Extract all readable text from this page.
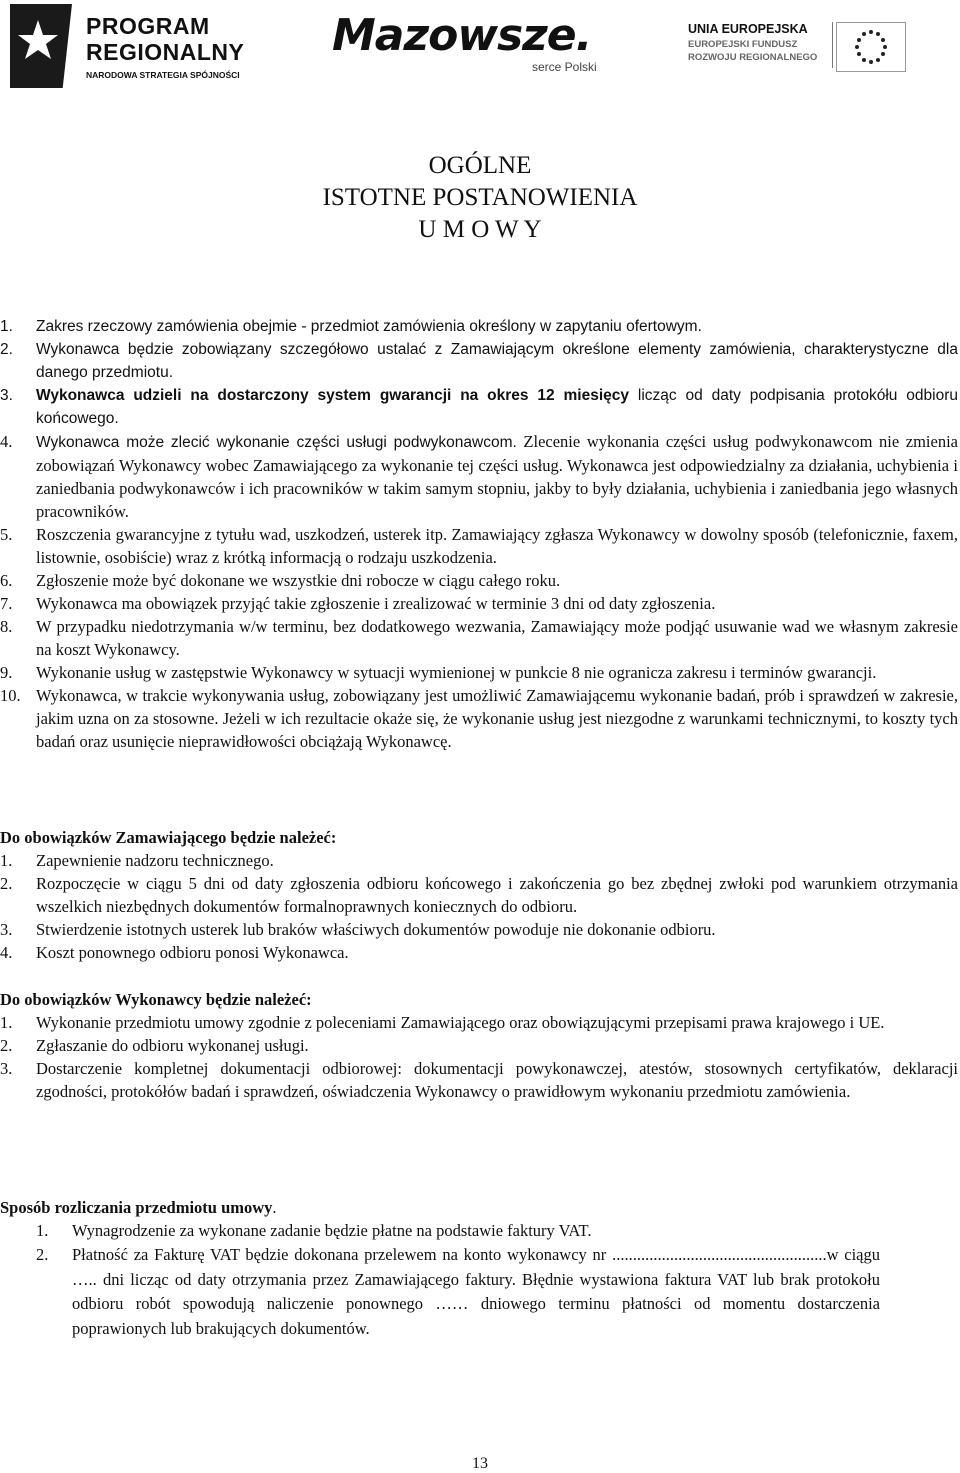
PROGRAM
REGIONALNY
NARODOWA STRATEGIA SPÓJNOŚCI
Mazowsze.
serce Polski
UNIA EUROPEJSKA
EUROPEJSKI FUNDUSZ
ROZWOJU REGIONALNEGO
OGÓLNE
ISTOTNE POSTANOWIENIA
U M O W Y
1. Zakres rzeczowy zamówienia obejmie - przedmiot zamówienia określony w zapytaniu ofertowym.
2. Wykonawca będzie zobowiązany szczegółowo ustalać z Zamawiającym określone elementy zamówienia, charakterystyczne dla danego przedmiotu.
3. Wykonawca udzieli na dostarczony system gwarancji na okres 12 miesięcy licząc od daty podpisania protokółu odbioru końcowego.
4. Wykonawca może zlecić wykonanie części usługi podwykonawcom. Zlecenie wykonania części usług podwykonawcom nie zmienia zobowiązań Wykonawcy wobec Zamawiającego za wykonanie tej części usług. Wykonawca jest odpowiedzialny za działania, uchybienia i zaniedbania podwykonawców i ich pracowników w takim samym stopniu, jakby to były działania, uchybienia i zaniedbania jego własnych pracowników.
5. Roszczenia gwarancyjne z tytułu wad, uszkodzeń, usterek itp. Zamawiający zgłasza Wykonawcy w dowolny sposób (telefonicznie, faxem, listownie, osobiście) wraz z krótką informacją o rodzaju uszkodzenia.
6. Zgłoszenie może być dokonane we wszystkie dni robocze w ciągu całego roku.
7. Wykonawca ma obowiązek przyjąć takie zgłoszenie i zrealizować w terminie 3 dni od daty zgłoszenia.
8. W przypadku niedotrzymania w/w terminu, bez dodatkowego wezwania, Zamawiający może podjąć usuwanie wad we własnym zakresie na koszt Wykonawcy.
9. Wykonanie usług w zastępstwie Wykonawcy w sytuacji wymienionej w punkcie 8 nie ogranicza zakresu i terminów gwarancji.
10. Wykonawca, w trakcie wykonywania usług, zobowiązany jest umożliwić Zamawiającemu wykonanie badań, prób i sprawdzeń w zakresie, jakim uzna on za stosowne. Jeżeli w ich rezultacie okaże się, że wykonanie usług jest niezgodne z warunkami technicznymi, to koszty tych badań oraz usunięcie nieprawidłowości obciążają Wykonawcę.
Do obowiązków Zamawiającego będzie należeć:
1. Zapewnienie nadzoru technicznego.
2. Rozpoczęcie w ciągu 5 dni od daty zgłoszenia odbioru końcowego i zakończenia go bez zbędnej zwłoki pod warunkiem otrzymania wszelkich niezbędnych dokumentów formalnoprawnych koniecznych do odbioru.
3. Stwierdzenie istotnych usterek lub braków właściwych dokumentów powoduje nie dokonanie odbioru.
4. Koszt ponownego odbioru ponosi Wykonawca.
Do obowiązków Wykonawcy będzie należeć:
1. Wykonanie przedmiotu umowy zgodnie z poleceniami Zamawiającego oraz obowiązującymi przepisami prawa krajowego i UE.
2. Zgłaszanie do odbioru wykonanej usługi.
3. Dostarczenie kompletnej dokumentacji odbiorowej: dokumentacji powykonawczej, atestów, stosownych certyfikatów, deklaracji zgodności, protokółów badań i sprawdzeń, oświadczenia Wykonawcy o prawidłowym wykonaniu przedmiotu zamówienia.
Sposób rozliczania przedmiotu umowy.
1. Wynagrodzenie za wykonane zadanie będzie płatne na podstawie faktury VAT.
2. Płatność za Fakturę VAT będzie dokonana przelewem na konto wykonawcy nr ....................................................w ciągu ….. dni licząc od daty otrzymania przez Zamawiającego faktury. Błędnie wystawiona faktura VAT lub brak protokołu odbioru robót spowodują naliczenie ponownego …… dniowego terminu płatności od momentu dostarczenia poprawionych lub brakujących dokumentów.
13
